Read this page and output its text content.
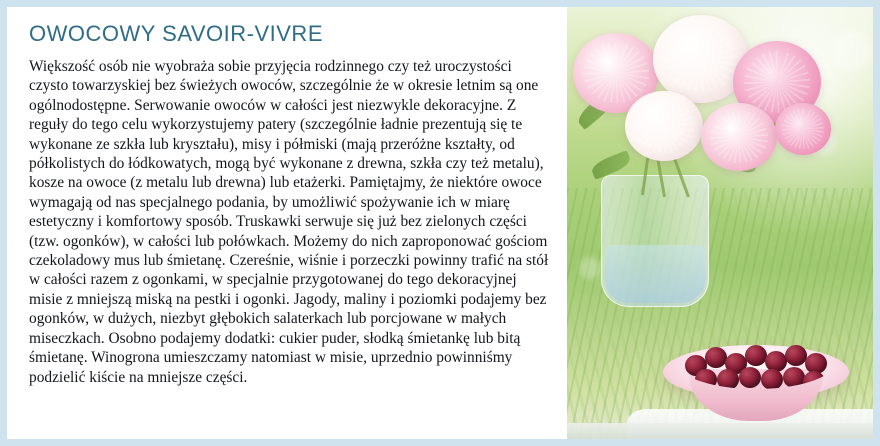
OWOCOWY SAVOIR-VIVRE

Większość osób nie wyobraża sobie przyjęcia rodzinnego czy też uroczystości czysto towarzyskiej bez świeżych owoców, szczególnie że w okresie letnim są one ogólnodostępne. Serwowanie owoców w całości jest niezwykle dekoracyjne. Z reguły do tego celu wykorzystujemy patery (szczególnie ładnie prezentują się te wykonane ze szkła lub kryształu), misy i półmiski (mają przeróżne kształty, od półkolistych do łódkowatych, mogą być wykonane z drewna, szkła czy też metalu), kosze na owoce (z metalu lub drewna) lub etażerki. Pamiętajmy, że niektóre owoce wymagają od nas specjalnego podania, by umożliwić spożywanie ich w miarę estetyczny i komfortowy sposób. Truskawki serwuje się już bez zielonych części (tzw. ogonków), w całości lub połówkach. Możemy do nich zaproponować gościom czekoladowy mus lub śmietanę. Czereśnie, wiśnie i porzeczki powinny trafić na stół w całości razem z ogonkami, w specjalnie przygotowanej do tego dekoracyjnej misie z mniejszą miską na pestki i ogonki. Jagody, maliny i poziomki podajemy bez ogonków, w dużych, niezbyt głębokich salaterkach lub porcjowane w małych miseczkach. Osobno podajemy dodatki: cukier puder, słodką śmietankę lub bitą śmietanę. Winogrona umieszczamy natomiast w misie, uprzednio powinniśmy podzielić kiście na mniejsze części.
